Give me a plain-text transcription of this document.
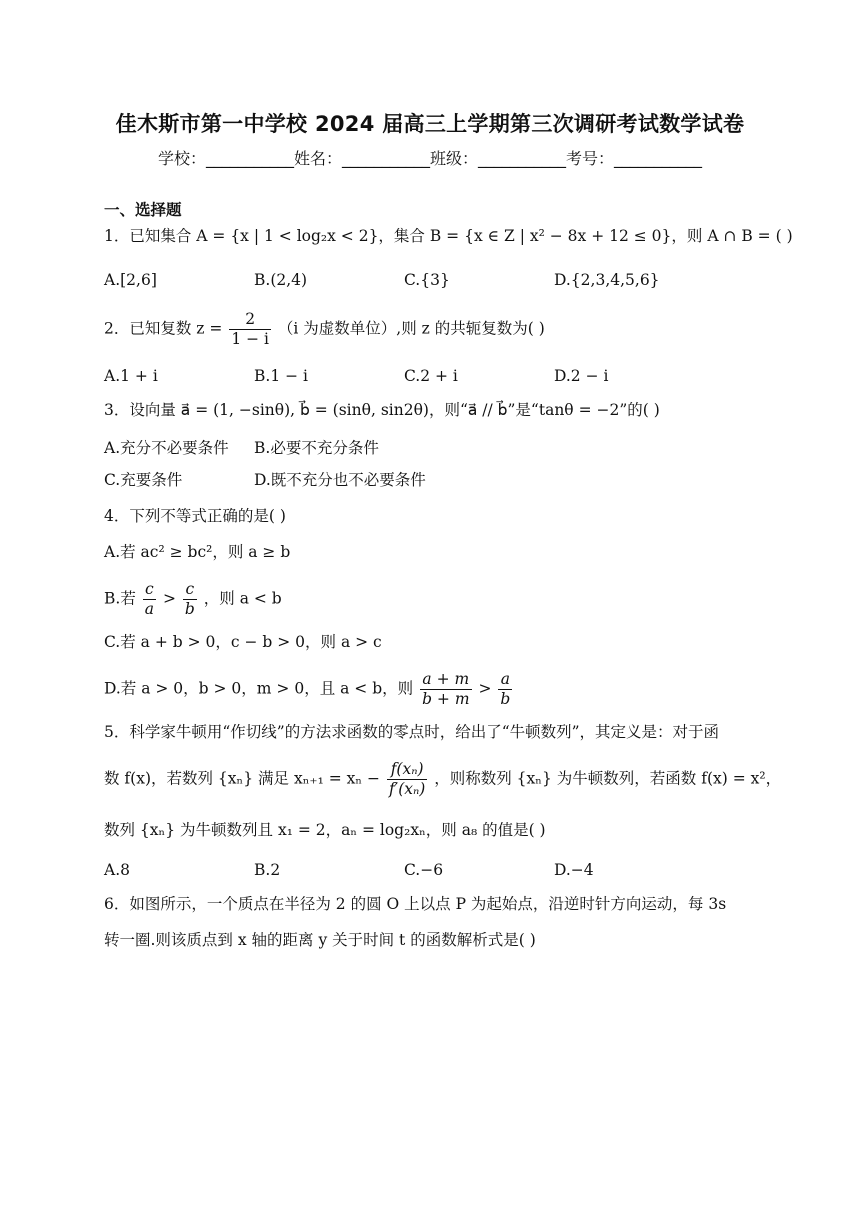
佳木斯市第一中学校 2024 届高三上学期第三次调研考试数学试卷
学校：___________姓名：___________班级：___________考号：___________
一、选择题
1．已知集合 A = {x | 1 < log₂x < 2}，集合 B = {x ∈ Z | x² − 8x + 12 ≤ 0}，则 A ∩ B = ( )
A.[2,6]	B.(2,4)	C.{3}	D.{2,3,4,5,6}
2．已知复数 $z = \frac{2}{1 - i} (i$ 为虚数单位）,则 z 的共轭复数为( )
A.1 + i	B.1 − i	C.2 + i	D.2 − i
3．设向量 a⃗ = (1, −sinθ), b⃗ = (sinθ, sin2θ)，则“a⃗ // b⃗”是“tanθ = −2”的( )
A.充分不必要条件 B.必要不充分条件
C.充要条件	D.既不充分也不必要条件
4．下列不等式正确的是( )
A.若 ac² ≥ bc²，则 a ≥ b
B.若 $\frac{c}{a} > \frac{c}{b}$ ，则 a < b
C.若 a + b > 0，c − b > 0，则 a > c
D.若 a > 0，b > 0，m > 0，且 a < b，则 $\frac{a + m}{b + m} > \frac{a}{b}$
5．科学家牛顿用“作切线”的方法求函数的零点时，给出了“牛顿数列”，其定义是：对于函
数 f(x)，若数列 {xₙ} 满足 $x_{n+1} = x_n - \frac{\text{f(xₙ)}}{\text{f′(xₙ)}}$ ，则称数列 {xₙ} 为牛顿数列，若函数 f(x) = x²，
数列 {xₙ} 为牛顿数列且 x₁ = 2，aₙ = log₂xₙ，则 a₈ 的值是( )
A.8	B.2	C.−6	D.−4
6．如图所示，一个质点在半径为 2 的圆 O 上以点 P 为起始点，沿逆时针方向运动，每 3s
转一圈.则该质点到 x 轴的距离 y 关于时间 t 的函数解析式是( )
